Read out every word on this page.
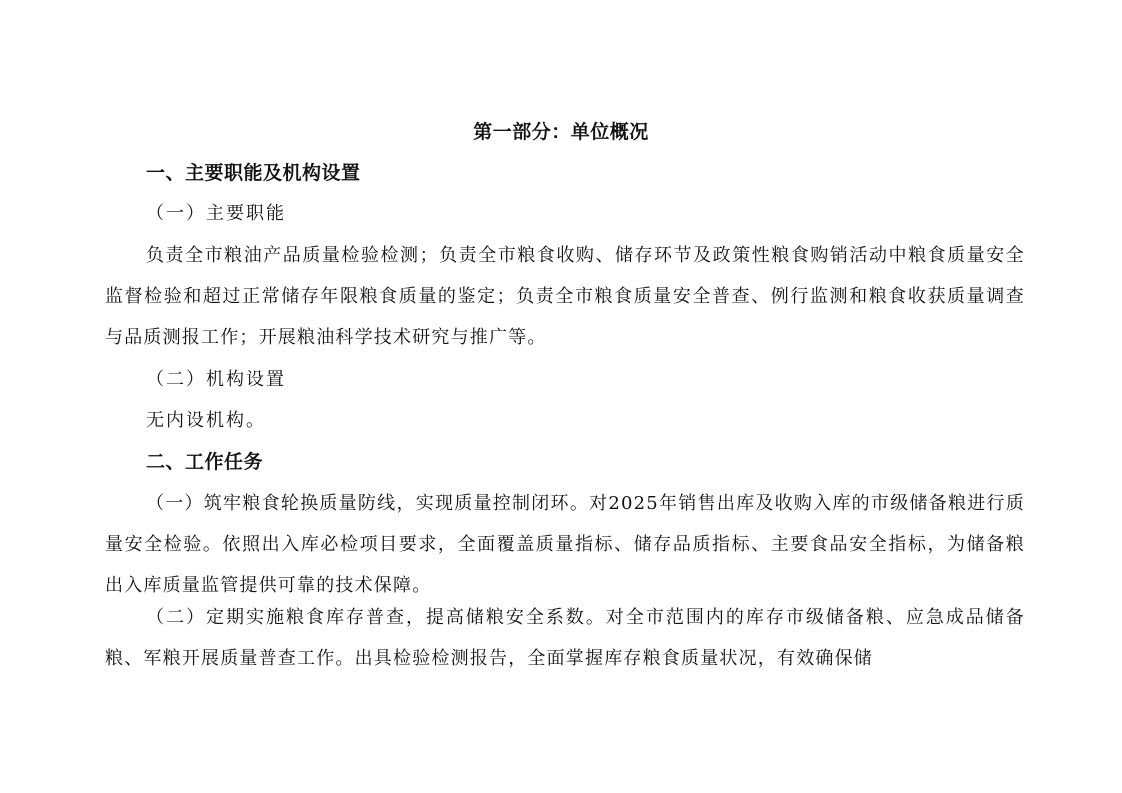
第一部分：单位概况
一、主要职能及机构设置
（一）主要职能

负责全市粮油产品质量检验检测；负责全市粮食收购、储存环节及政策性粮食购销活动中粮食质量安全监督检验和超过正常储存年限粮食质量的鉴定；负责全市粮食质量安全普查、例行监测和粮食收获质量调查与品质测报工作；开展粮油科学技术研究与推广等。

（二）机构设置
无内设机构。
二、工作任务

（一）筑牢粮食轮换质量防线，实现质量控制闭环。对2025年销售出库及收购入库的市级储备粮进行质量安全检验。依照出入库必检项目要求，全面覆盖质量指标、储存品质指标、主要食品安全指标，为储备粮出入库质量监管提供可靠的技术保障。

（二）定期实施粮食库存普查，提高储粮安全系数。对全市范围内的库存市级储备粮、应急成品储备粮、军粮开展质量普查工作。出具检验检测报告，全面掌握库存粮食质量状况，有效确保储
